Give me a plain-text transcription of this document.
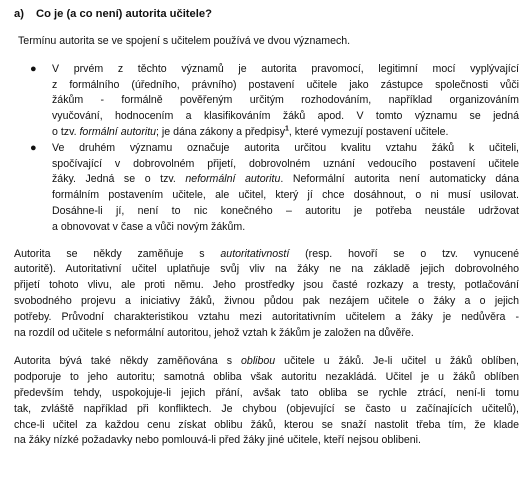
a) Co je (a co není) autorita učitele?
Termínu autorita se ve spojení s učitelem používá ve dvou významech.
● V prvém z těchto významů je autorita pravomocí, legitimní mocí vyplývající
z formálního (úředního, právního) postavení učitele jako zástupce společnosti vůči
žákům - formálně pověřeným určitým rozhodováním, například organizováním
vyučování, hodnocením a klasifikováním žáků apod. V tomto významu se jedná
o tzv. formální autoritu; je dána zákony a předpisy$^1$, které vymezují postavení učitele.
● Ve druhém významu označuje autorita určitou kvalitu vztahu žáků k učiteli,
spočívající v dobrovolném přijetí, dobrovolném uznání vedoucího postavení učitele
žáky. Jedná se o tzv. neformální autoritu. Neformální autorita není automaticky dána
formálním postavením učitele, ale učitel, který jí chce dosáhnout, o ni musí usilovat.
Dosáhne-li jí, není to nic konečného – autoritu je potřeba neustále udržovat
a obnovovat v čase a vůči novým žákům.
Autorita se někdy zaměňuje s autoritativností (resp. hovoří se o tzv. vynucené
autoritě). Autoritativní učitel uplatňuje svůj vliv na žáky ne na základě jejich dobrovolného
přijetí tohoto vlivu, ale proti němu. Jeho prostředky jsou časté rozkazy a tresty, potlačování
svobodného projevu a iniciativy žáků, živnou půdou pak nezájem učitele o žáky a o jejich
potřeby. Průvodní charakteristikou vztahu mezi autoritativním učitelem a žáky je nedůvěra -
na rozdíl od učitele s neformální autoritou, jehož vztah k žákům je založen na důvěře.
Autorita bývá také někdy zaměňována s oblibou učitele u žáků. Je-li učitel u žáků oblíben,
podporuje to jeho autoritu; samotná obliba však autoritu nezakládá. Učitel je u žáků oblíben
především tehdy, uspokojuje-li jejich přání, avšak tato obliba se rychle ztrácí, není-li tomu
tak, zvláště například při konfliktech. Je chybou (objevující se často u začínajících učitelů),
chce-li učitel za každou cenu získat oblibu žáků, kterou se snaží nastolit třeba tím, že klade
na žáky nízké požadavky nebo pomlouvá-li před žáky jiné učitele, kteří nejsou oblibeni.
